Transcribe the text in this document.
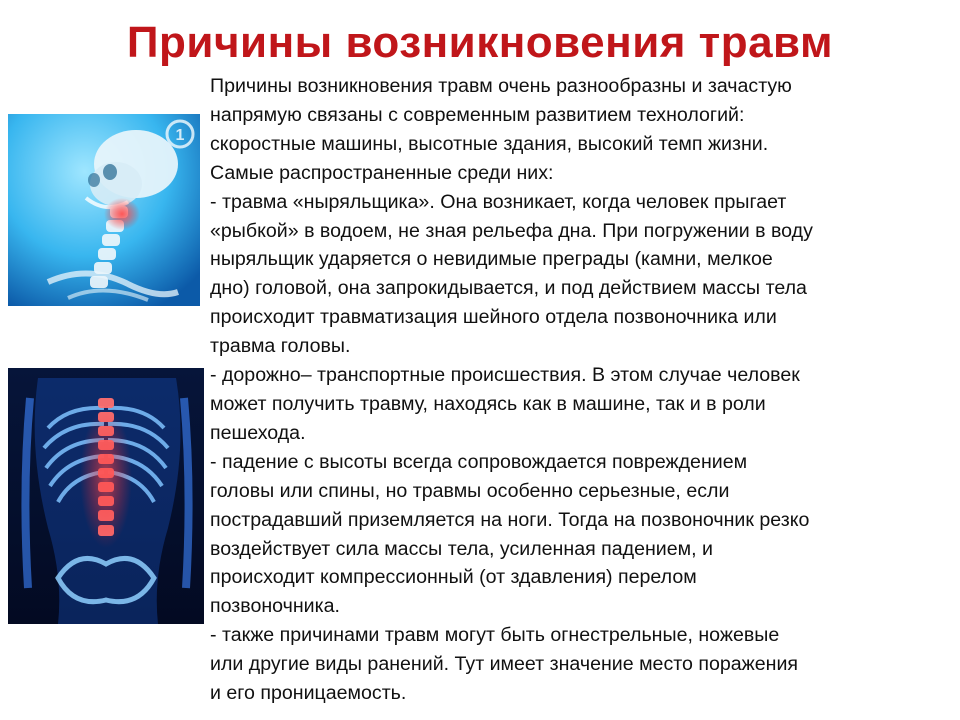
Причины возникновения травм
1
Причины возникновения травм очень разнообразны и зачастую
напрямую связаны с современным развитием технологий:
скоростные машины, высотные здания, высокий темп жизни.
Самые распространенные среди них:
- травма «ныряльщика». Она возникает, когда человек прыгает
«рыбкой» в водоем, не зная рельефа дна. При погружении в воду
ныряльщик ударяется о невидимые преграды (камни, мелкое
дно) головой, она запрокидывается, и под действием массы тела
происходит травматизация шейного отдела позвоночника или
травма головы.
- дорожно– транспортные происшествия. В этом случае человек
может получить травму, находясь как в машине, так и в роли
пешехода.
- падение с высоты всегда сопровождается повреждением
головы или спины, но травмы особенно серьезные, если
пострадавший приземляется на ноги. Тогда на позвоночник резко
воздействует сила массы тела, усиленная падением, и
происходит компрессионный (от здавления) перелом
позвоночника.
- также причинами травм могут быть огнестрельные, ножевые
или другие виды ранений. Тут имеет значение место поражения
и его проницаемость.
